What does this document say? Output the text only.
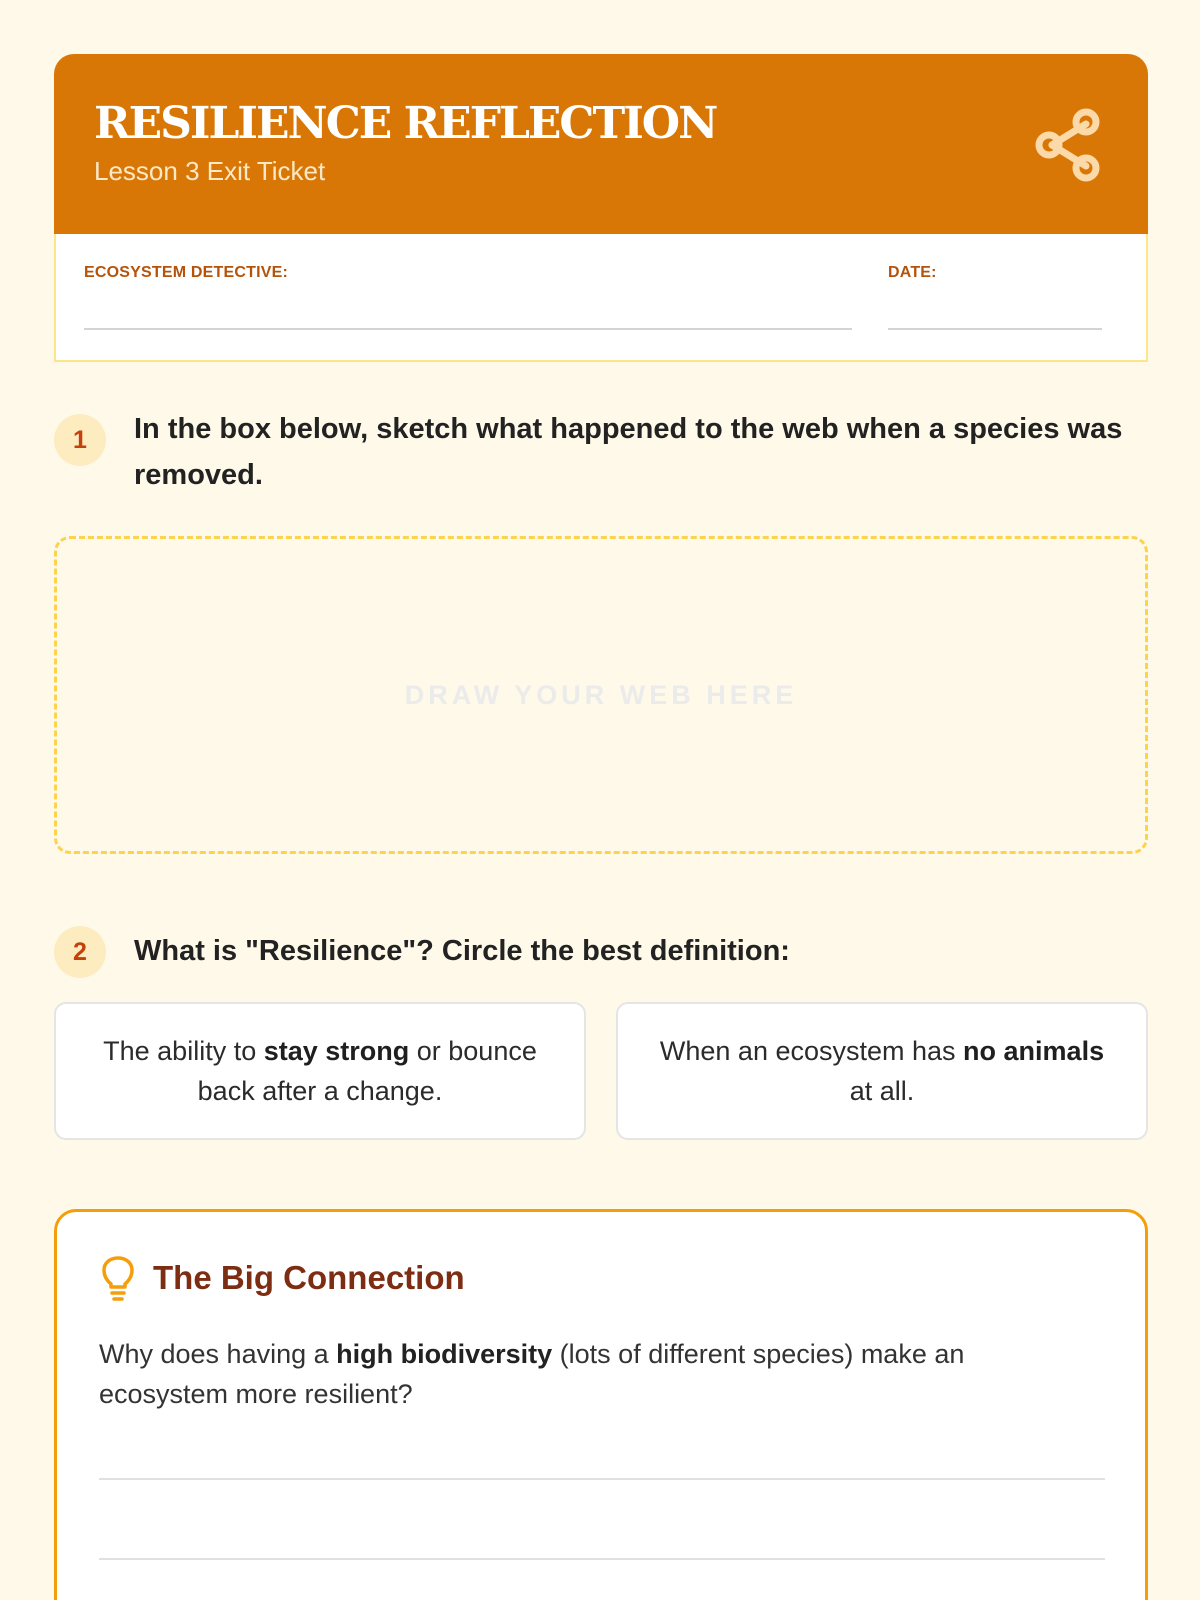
RESILIENCE REFLECTION
Lesson 3 Exit Ticket
ECOSYSTEM DETECTIVE:	DATE:
1	In the box below, sketch what happened to the web when a species was removed.
DRAW YOUR WEB HERE
2	What is "Resilience"? Circle the best definition:
The ability to stay strong or bounce back after a change.
When an ecosystem has no animals at all.
The Big Connection
Why does having a high biodiversity (lots of different species) make an ecosystem more resilient?
